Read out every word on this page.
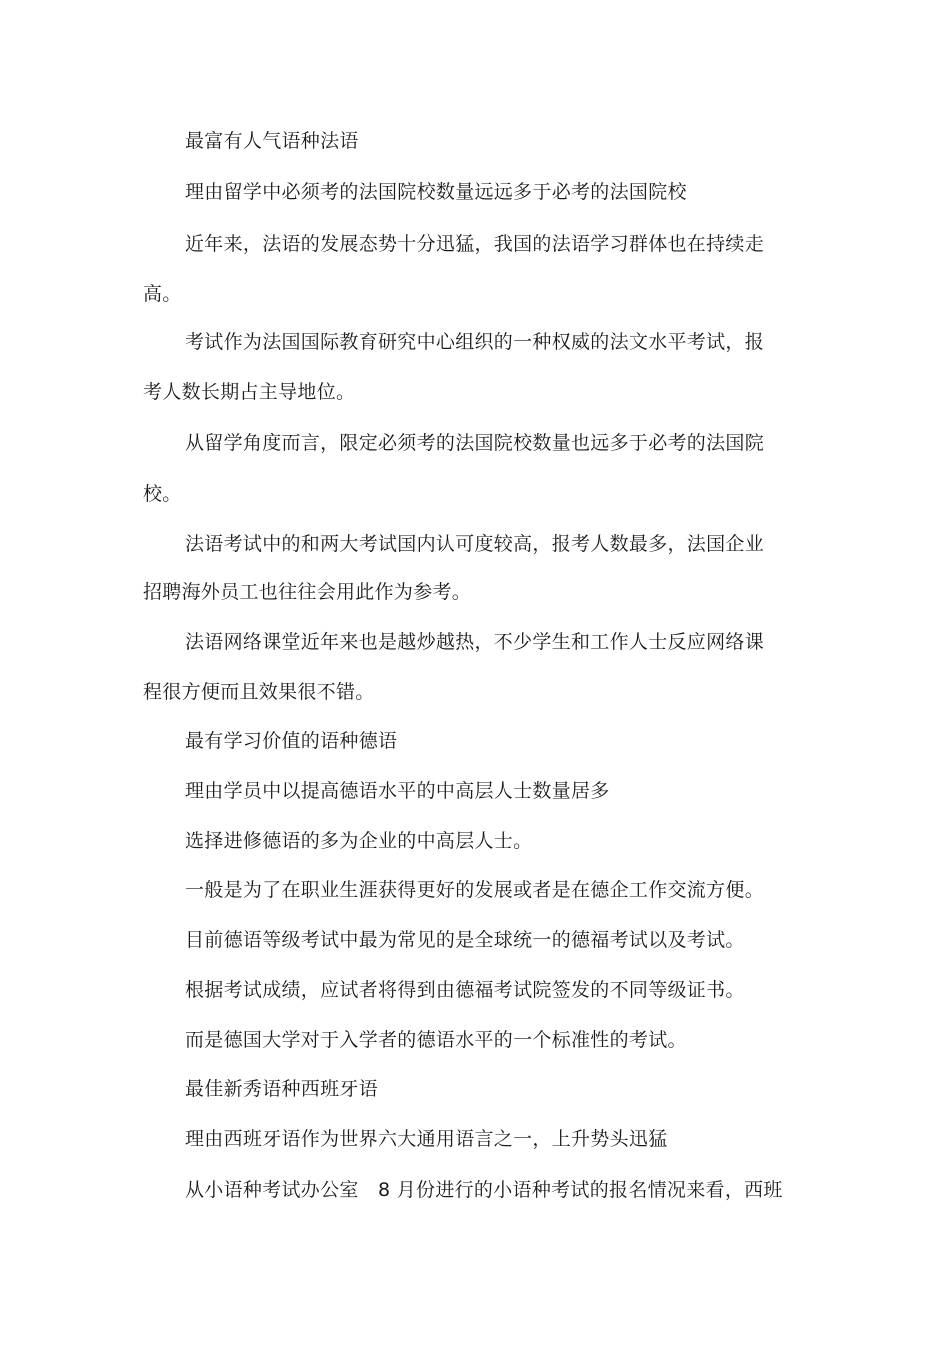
最富有人气语种法语
理由留学中必须考的法国院校数量远远多于必考的法国院校
近年来，法语的发展态势十分迅猛，我国的法语学习群体也在持续走
高。
考试作为法国国际教育研究中心组织的一种权威的法文水平考试，报
考人数长期占主导地位。
从留学角度而言，限定必须考的法国院校数量也远多于必考的法国院
校。
法语考试中的和两大考试国内认可度较高，报考人数最多，法国企业
招聘海外员工也往往会用此作为参考。
法语网络课堂近年来也是越炒越热，不少学生和工作人士反应网络课
程很方便而且效果很不错。
最有学习价值的语种德语
理由学员中以提高德语水平的中高层人士数量居多
选择进修德语的多为企业的中高层人士。
一般是为了在职业生涯获得更好的发展或者是在德企工作交流方便。
目前德语等级考试中最为常见的是全球统一的德福考试以及考试。
根据考试成绩，应试者将得到由德福考试院签发的不同等级证书。
而是德国大学对于入学者的德语水平的一个标准性的考试。
最佳新秀语种西班牙语
理由西班牙语作为世界六大通用语言之一，上升势头迅猛
从小语种考试办公室　8 月份进行的小语种考试的报名情况来看，西班
